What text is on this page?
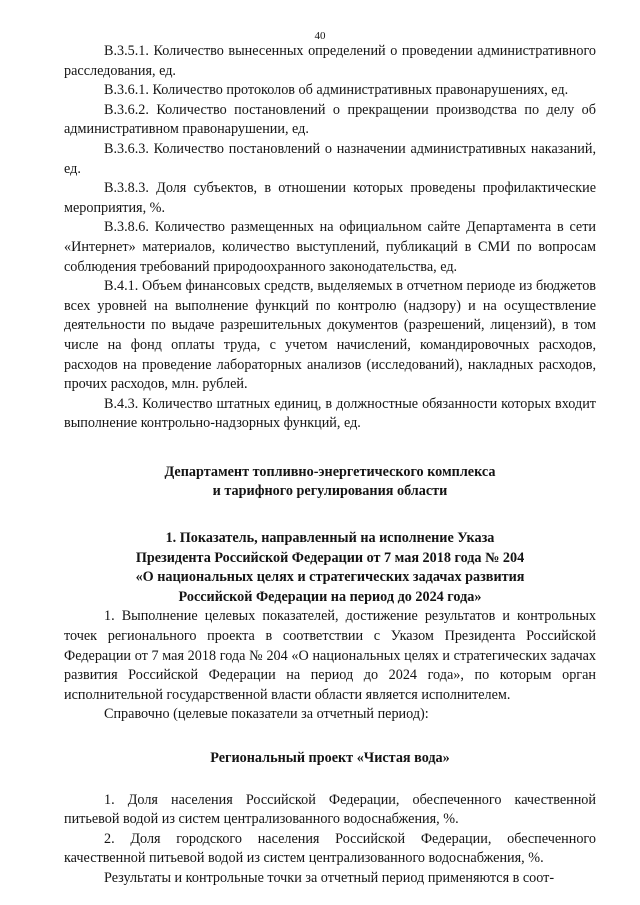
40

В.3.5.1. Количество вынесенных определений о проведении административного расследования, ед.

В.3.6.1. Количество протоколов об административных правонарушениях, ед.

В.3.6.2. Количество постановлений о прекращении производства по делу об административном правонарушении, ед.

В.3.6.3. Количество постановлений о назначении административных наказаний, ед.

В.3.8.3. Доля субъектов, в отношении которых проведены профилактические мероприятия, %.

В.3.8.6. Количество размещенных на официальном сайте Департамента в сети «Интернет» материалов, количество выступлений, публикаций в СМИ по вопросам соблюдения требований природоохранного законодательства, ед.

В.4.1. Объем финансовых средств, выделяемых в отчетном периоде из бюджетов всех уровней на выполнение функций по контролю (надзору) и на осуществление деятельности по выдаче разрешительных документов (разрешений, лицензий), в том числе на фонд оплаты труда, с учетом начислений, командировочных расходов, расходов на проведение лабораторных анализов (исследований), накладных расходов, прочих расходов, млн. рублей.

В.4.3. Количество штатных единиц, в должностные обязанности которых входит выполнение контрольно-надзорных функций, ед.

Департамент топливно-энергетического комплекса
и тарифного регулирования области
1. Показатель, направленный на исполнение Указа
Президента Российской Федерации от 7 мая 2018 года № 204
«О национальных целях и стратегических задачах развития
Российской Федерации на период до 2024 года»

1. Выполнение целевых показателей, достижение результатов и контрольных точек регионального проекта в соответствии с Указом Президента Российской Федерации от 7 мая 2018 года № 204 «О национальных целях и стратегических задачах развития Российской Федерации на период до 2024 года», по которым орган исполнительной государственной власти области является исполнителем.

Справочно (целевые показатели за отчетный период):

Региональный проект «Чистая вода»

1. Доля населения Российской Федерации, обеспеченного качественной питьевой водой из систем централизованного водоснабжения, %.

2. Доля городского населения Российской Федерации, обеспеченного качественной питьевой водой из систем централизованного водоснабжения, %.

Результаты и контрольные точки за отчетный период применяются в соот-
